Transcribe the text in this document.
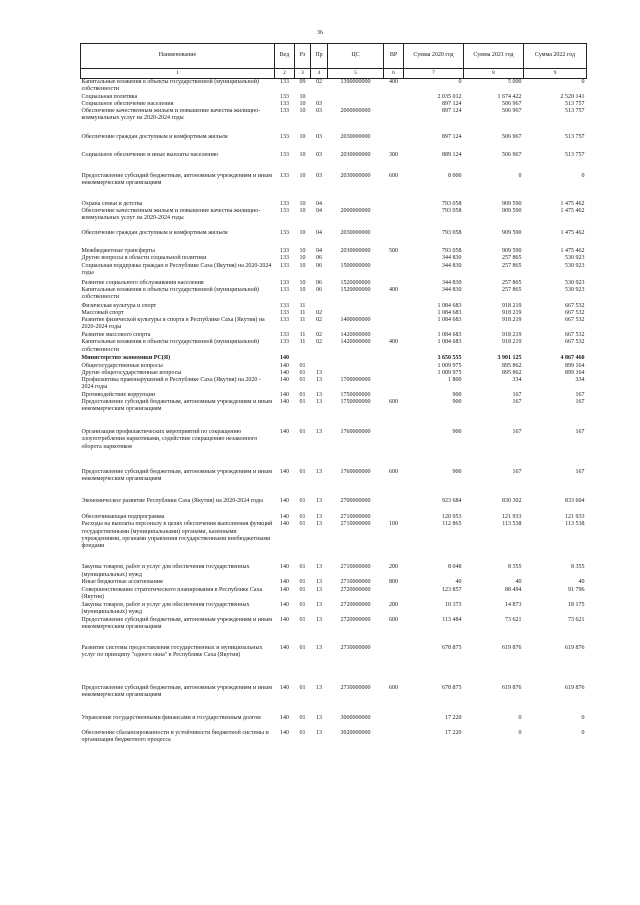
36
Наименование	Вед	Рз	Пр	ЦС	ВР	Сумма 2020 год	Сумма 2021 год	Сумма 2022 год
1	2	3	4	5	6	7	8	9
Капитальные вложения в объекты государственной (муниципальной) собственности	133	09	02	1390000000	400	0	5 000	0
Социальная политика	133	10				2 035 012	1 674 422	2 520 141
Социальное обеспечение населения	133	10	03			897 124	506 967	513 757
Обеспечение качественным жильем и повышение качества жилищно-коммунальных услуг на 2020-2024 годы	133	10	03	2000000000		897 124	506 967	513 757
Обеспечение граждан доступным и комфортным жильем	133	10	03	2030000000		897 124	506 967	513 757
Социальное обеспечение и иные выплаты населению	133	10	03	2030000000	300	889 124	506 967	513 757
Предоставление субсидий бюджетным, автономным учреждениям и иным некоммерческим организациям	133	10	03	2030000000	600	8 000	0	0
Охрана семьи и детства	133	10	04			793 058	909 590	1 475 462
Обеспечение качественным жильем и повышение качества жилищно-коммунальных услуг на 2020-2024 годы	133	10	04	2000000000		793 058	909 590	1 475 462
Обеспечение граждан доступным и комфортным жильем	133	10	04	2030000000		793 058	909 590	1 475 462
Межбюджетные трансферты	133	10	04	2030000000	500	793 058	909 590	1 475 462
Другие вопросы в области социальной политики	133	10	06			344 830	257 865	530 923
Социальная поддержка граждан в Республике Саха (Якутия) на 2020-2024 годы	133	10	06	1500000000		344 830	257 865	530 923
Развитие социального обслуживания населения	133	10	06	1520000000		344 830	257 865	530 923
Капитальные вложения в объекты государственной (муниципальной) собственности	133	10	06	1520000000	400	344 830	257 865	530 923
Физическая культура и спорт	133	11				1 084 683	918 219	667 532
Массовый спорт	133	11	02			1 084 683	918 219	667 532
Развитие физической культуры и спорта в Республике Саха (Якутия) на 2020-2024 годы	133	11	02	1400000000		1 084 683	918 219	667 532
Развитие массового спорта	133	11	02	1420000000		1 084 683	918 219	667 532
Капитальные вложения в объекты государственной (муниципальной) собственности	133	11	02	1420000000	400	1 084 683	918 219	667 532
Министерство экономики РС(Я)	140					3 650 555	3 901 125	4 867 460
Общегосударственные вопросы	140	01				1 009 975	895 862	899 164
Другие общегосударственные вопросы	140	01	13			1 009 975	895 862	899 164
Профилактика правонарушений в Республике Саха (Якутия) на 2020 - 2024 годы	140	01	13	1700000000		1 800	334	334
Противодействие коррупции	140	01	13	1750000000		900	167	167
Предоставление субсидий бюджетным, автономным учреждениям и иным некоммерческим организациям	140	01	13	1750000000	600	900	167	167
Организация профилактических мероприятий по сокращению злоупотребления наркотиками, содействие сокращению незаконного оборота наркотиков	140	01	13	1760000000		900	167	167
Предоставление субсидий бюджетным, автономным учреждениям и иным некоммерческим организациям	140	01	13	1760000000	600	900	167	167
Экономическое развитие Республики Саха (Якутия) на 2020-2024 годы	140	01	13	2700000000		923 684	830 302	833 604
Обеспечивающая подпрограмма	140	01	13	2710000000		120 953	121 933	121 933
Расходы на выплаты персоналу в целях обеспечения выполнения функций государственными (муниципальными) органами, казенными учреждениями, органами управления государственными внебюджетными фондами	140	01	13	2710000000	100	112 865	113 538	113 538
Закупка товаров, работ и услуг для обеспечения государственных (муниципальных) нужд	140	01	13	2710000000	200	8 048	8 355	8 355
Иные бюджетные ассигнования	140	01	13	2710000000	800	40	40	40
Совершенствование стратегического планирования в Республике Саха (Якутия)	140	01	13	2720000000		123 857	88 494	91 796
Закупка товаров, работ и услуг для обеспечения государственных (муниципальных) нужд	140	01	13	2720000000	200	10 373	14 873	18 175
Предоставление субсидий бюджетным, автономным учреждениям и иным некоммерческим организациям	140	01	13	2720000000	600	113 484	73 621	73 621
Развитие системы предоставления государственных и муниципальных услуг по принципу "одного окна" в Республике Саха (Якутия)	140	01	13	2730000000		678 875	619 876	619 876
Предоставление субсидий бюджетным, автономным учреждениям и иным некоммерческим организациям	140	01	13	2730000000	600	678 875	619 876	619 876
Управление государственными финансами и государственным долгом	140	01	13	3000000000		17 220	0	0
Обеспечение сбалансированности и устойчивости бюджетной системы и организация бюджетного процесса	140	01	13	3020000000		17 220	0	0
